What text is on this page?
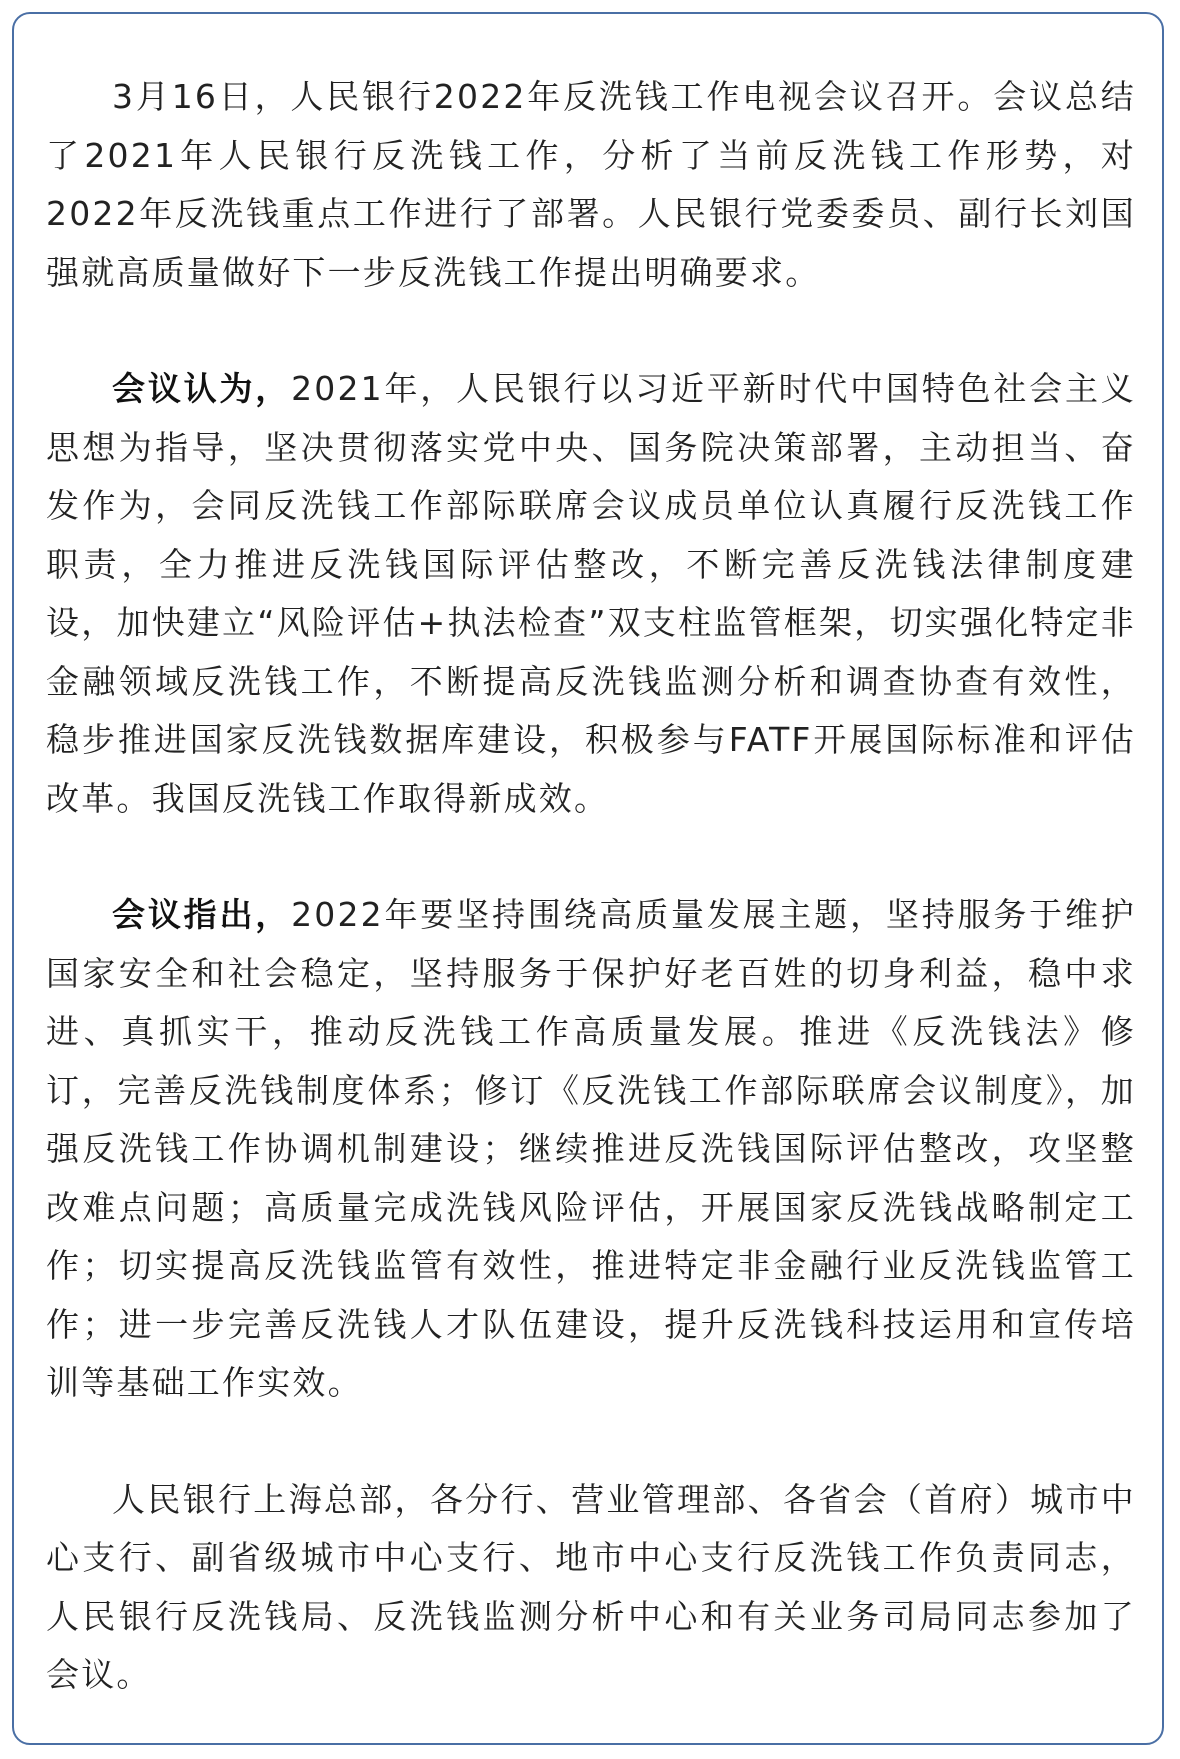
3月16日，人民银行2022年反洗钱工作电视会议召开。会议总结了2021年人民银行反洗钱工作，分析了当前反洗钱工作形势，对2022年反洗钱重点工作进行了部署。人民银行党委委员、副行长刘国强就高质量做好下一步反洗钱工作提出明确要求。

会议认为，2021年，人民银行以习近平新时代中国特色社会主义思想为指导，坚决贯彻落实党中央、国务院决策部署，主动担当、奋发作为，会同反洗钱工作部际联席会议成员单位认真履行反洗钱工作职责，全力推进反洗钱国际评估整改，不断完善反洗钱法律制度建设，加快建立“风险评估+执法检查”双支柱监管框架，切实强化特定非金融领域反洗钱工作，不断提高反洗钱监测分析和调查协查有效性，稳步推进国家反洗钱数据库建设，积极参与FATF开展国际标准和评估改革。我国反洗钱工作取得新成效。

会议指出，2022年要坚持围绕高质量发展主题，坚持服务于维护国家安全和社会稳定，坚持服务于保护好老百姓的切身利益，稳中求进、真抓实干，推动反洗钱工作高质量发展。推进《反洗钱法》修订，完善反洗钱制度体系；修订《反洗钱工作部际联席会议制度》，加强反洗钱工作协调机制建设；继续推进反洗钱国际评估整改，攻坚整改难点问题；高质量完成洗钱风险评估，开展国家反洗钱战略制定工作；切实提高反洗钱监管有效性，推进特定非金融行业反洗钱监管工作；进一步完善反洗钱人才队伍建设，提升反洗钱科技运用和宣传培训等基础工作实效。

人民银行上海总部，各分行、营业管理部、各省会（首府）城市中心支行、副省级城市中心支行、地市中心支行反洗钱工作负责同志，人民银行反洗钱局、反洗钱监测分析中心和有关业务司局同志参加了会议。
